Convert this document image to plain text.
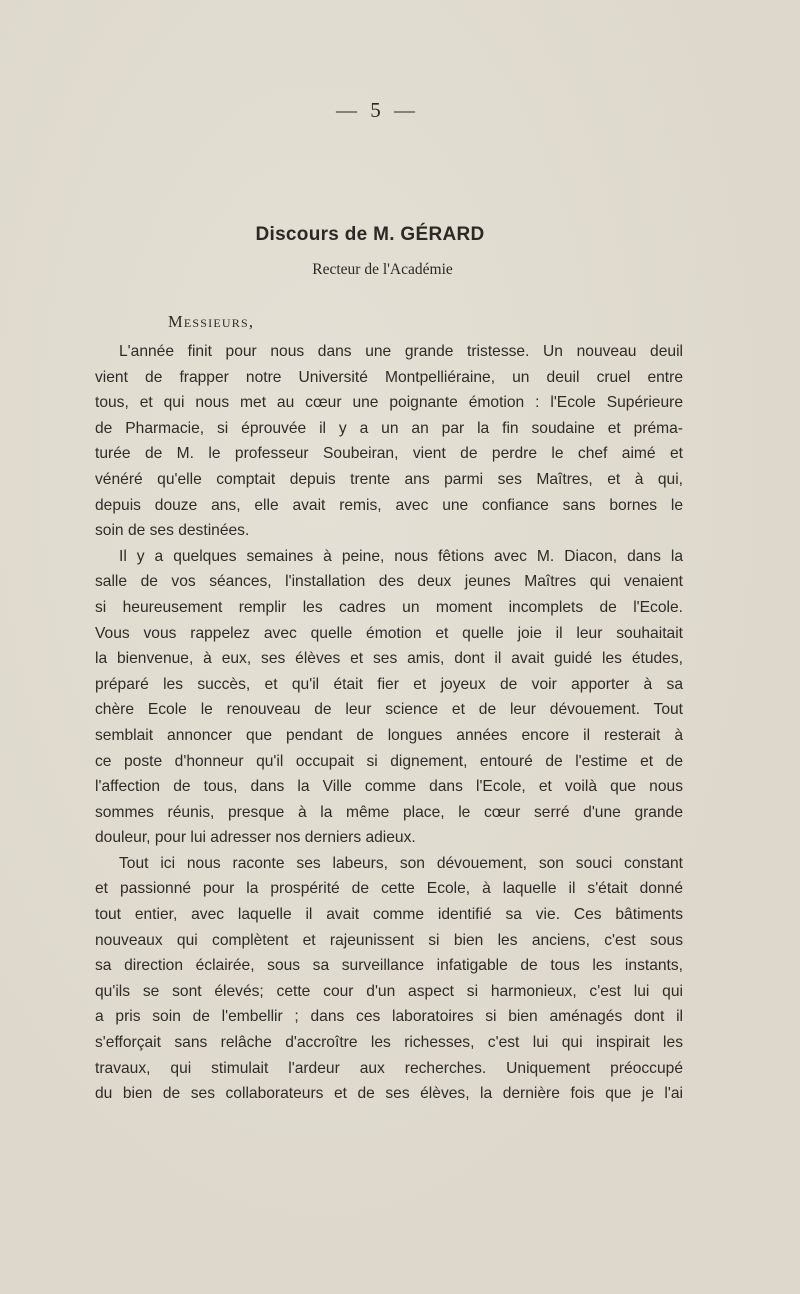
— 5 —
Discours de M. GÉRARD
Recteur de l'Académie
Messieurs,
L'année finit pour nous dans une grande tristesse. Un nouveau deuil
vient de frapper notre Université Montpelliéraine, un deuil cruel entre
tous, et qui nous met au cœur une poignante émotion : l'Ecole Supérieure
de Pharmacie, si éprouvée il y a un an par la fin soudaine et préma-
turée de M. le professeur Soubeiran, vient de perdre le chef aimé et
vénéré qu'elle comptait depuis trente ans parmi ses Maîtres, et à qui,
depuis douze ans, elle avait remis, avec une confiance sans bornes le
soin de ses destinées.
Il y a quelques semaines à peine, nous fêtions avec M. Diacon, dans la
salle de vos séances, l'installation des deux jeunes Maîtres qui venaient
si heureusement remplir les cadres un moment incomplets de l'Ecole.
Vous vous rappelez avec quelle émotion et quelle joie il leur souhaitait
la bienvenue, à eux, ses élèves et ses amis, dont il avait guidé les études,
préparé les succès, et qu'il était fier et joyeux de voir apporter à sa
chère Ecole le renouveau de leur science et de leur dévouement. Tout
semblait annoncer que pendant de longues années encore il resterait à
ce poste d'honneur qu'il occupait si dignement, entouré de l'estime et de
l'affection de tous, dans la Ville comme dans l'Ecole, et voilà que nous
sommes réunis, presque à la même place, le cœur serré d'une grande
douleur, pour lui adresser nos derniers adieux.
Tout ici nous raconte ses labeurs, son dévouement, son souci constant
et passionné pour la prospérité de cette Ecole, à laquelle il s'était donné
tout entier, avec laquelle il avait comme identifié sa vie. Ces bâtiments
nouveaux qui complètent et rajeunissent si bien les anciens, c'est sous
sa direction éclairée, sous sa surveillance infatigable de tous les instants,
qu'ils se sont élevés; cette cour d'un aspect si harmonieux, c'est lui qui
a pris soin de l'embellir ; dans ces laboratoires si bien aménagés dont il
s'efforçait sans relâche d'accroître les richesses, c'est lui qui inspirait les
travaux, qui stimulait l'ardeur aux recherches. Uniquement préoccupé
du bien de ses collaborateurs et de ses élèves, la dernière fois que je l'ai
